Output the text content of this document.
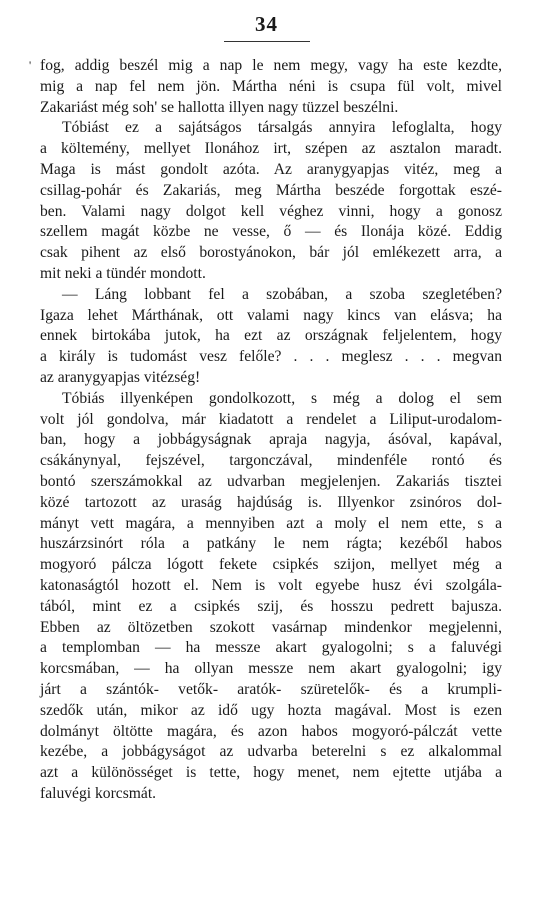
34
' fog, addig beszél mig a nap le nem megy, vagy ha este kezdte,
mig a nap fel nem jön. Mártha néni is csupa fül volt, mivel
Zakariást még soh' se hallotta illyen nagy tüzzel beszélni.
Tóbiást ez a sajátságos társalgás annyira lefoglalta, hogy
a költemény, mellyet Ilonához irt, szépen az asztalon maradt.
Maga is mást gondolt azóta. Az aranygyapjas vitéz, meg a
csillag-pohár és Zakariás, meg Mártha beszéde forgottak eszé-
ben. Valami nagy dolgot kell véghez vinni, hogy a gonosz
szellem magát közbe ne vesse, ő — és Ilonája közé. Eddig
csak pihent az első borostyánokon, bár jól emlékezett arra, a
mit neki a tündér mondott.
— Láng lobbant fel a szobában, a szoba szegletében?
Igaza lehet Márthának, ott valami nagy kincs van elásva; ha
ennek birtokába jutok, ha ezt az országnak feljelentem, hogy
a király is tudomást vesz felőle? . . . meglesz . . . megvan
az aranygyapjas vitézség!
Tóbiás illyenképen gondolkozott, s még a dolog el sem
volt jól gondolva, már kiadatott a rendelet a Liliput-urodalom-
ban, hogy a jobbágyságnak apraja nagyja, ásóval, kapával,
csákánynyal, fejszével, targonczával, mindenféle rontó és
bontó szerszámokkal az udvarban megjelenjen. Zakariás tisztei
közé tartozott az uraság hajdúság is. Illyenkor zsinóros dol-
mányt vett magára, a mennyiben azt a moly el nem ette, s a
huszárzsinórt róla a patkány le nem rágta; kezéből habos
mogyoró pálcza lógott fekete csipkés szijon, mellyet még a
katonaságtól hozott el. Nem is volt egyebe husz évi szolgála-
tából, mint ez a csipkés szij, és hosszu pedrett bajusza.
Ebben az öltözetben szokott vasárnap mindenkor megjelenni,
a templomban — ha messze akart gyalogolni; s a faluvégi
korcsmában, — ha ollyan messze nem akart gyalogolni; igy
járt a szántók- vetők- aratók- szüretelők- és a krumpli-
szedők után, mikor az idő ugy hozta magával. Most is ezen
dolmányt öltötte magára, és azon habos mogyoró-pálczát vette
kezébe, a jobbágyságot az udvarba beterelni s ez alkalommal
azt a különösséget is tette, hogy menet, nem ejtette utjába a
faluvégi korcsmát.
